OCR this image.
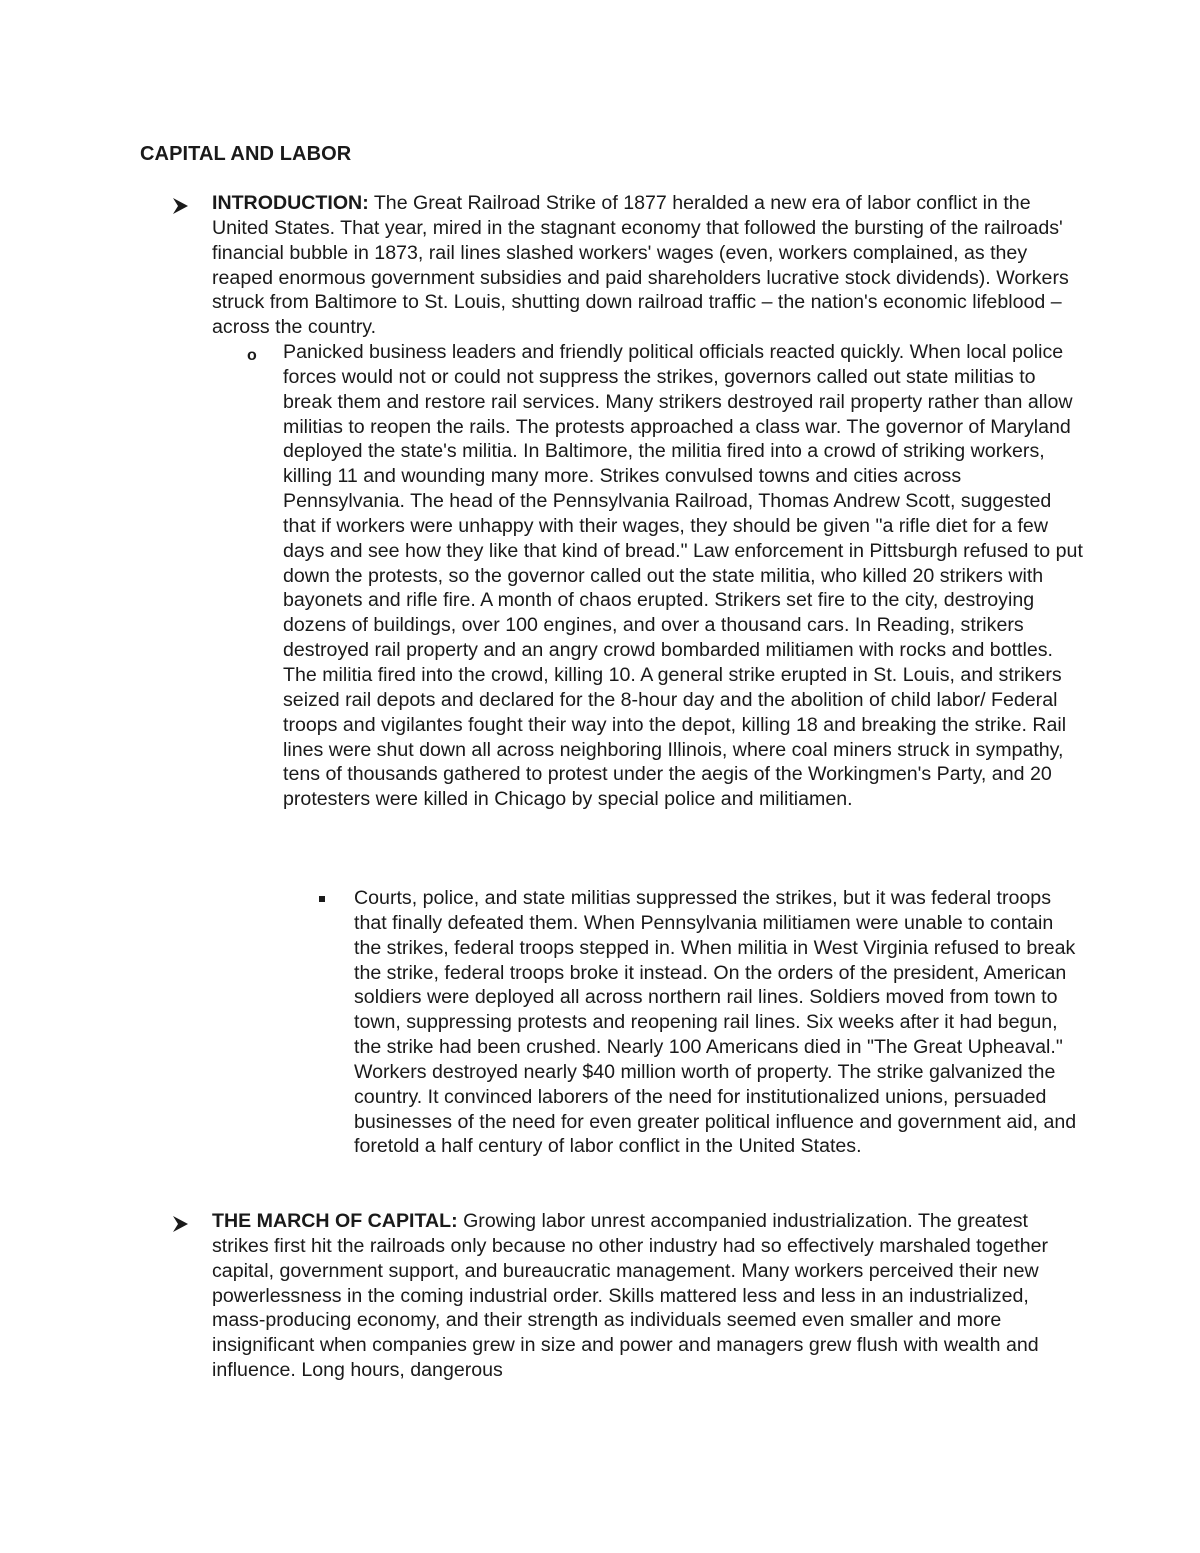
CAPITAL AND LABOR

INTRODUCTION: The Great Railroad Strike of 1877 heralded a new era of labor conflict in the United States. That year, mired in the stagnant economy that followed the bursting of the railroads' financial bubble in 1873, rail lines slashed workers' wages (even, workers complained, as they reaped enormous government subsidies and paid shareholders lucrative stock dividends). Workers struck from Baltimore to St. Louis, shutting down railroad traffic – the nation's economic lifeblood – across the country.

o Panicked business leaders and friendly political officials reacted quickly. When local police forces would not or could not suppress the strikes, governors called out state militias to break them and restore rail services. Many strikers destroyed rail property rather than allow militias to reopen the rails. The protests approached a class war. The governor of Maryland deployed the state's militia. In Baltimore, the militia fired into a crowd of striking workers, killing 11 and wounding many more. Strikes convulsed towns and cities across Pennsylvania. The head of the Pennsylvania Railroad, Thomas Andrew Scott, suggested that if workers were unhappy with their wages, they should be given "a rifle diet for a few days and see how they like that kind of bread." Law enforcement in Pittsburgh refused to put down the protests, so the governor called out the state militia, who killed 20 strikers with bayonets and rifle fire. A month of chaos erupted. Strikers set fire to the city, destroying dozens of buildings, over 100 engines, and over a thousand cars. In Reading, strikers destroyed rail property and an angry crowd bombarded militiamen with rocks and bottles. The militia fired into the crowd, killing 10. A general strike erupted in St. Louis, and strikers seized rail depots and declared for the 8-hour day and the abolition of child labor/ Federal troops and vigilantes fought their way into the depot, killing 18 and breaking the strike. Rail lines were shut down all across neighboring Illinois, where coal miners struck in sympathy, tens of thousands gathered to protest under the aegis of the Workingmen's Party, and 20 protesters were killed in Chicago by special police and militiamen.

Courts, police, and state militias suppressed the strikes, but it was federal troops that finally defeated them. When Pennsylvania militiamen were unable to contain the strikes, federal troops stepped in. When militia in West Virginia refused to break the strike, federal troops broke it instead. On the orders of the president, American soldiers were deployed all across northern rail lines. Soldiers moved from town to town, suppressing protests and reopening rail lines. Six weeks after it had begun, the strike had been crushed. Nearly 100 Americans died in "The Great Upheaval." Workers destroyed nearly $40 million worth of property. The strike galvanized the country. It convinced laborers of the need for institutionalized unions, persuaded businesses of the need for even greater political influence and government aid, and foretold a half century of labor conflict in the United States.

THE MARCH OF CAPITAL: Growing labor unrest accompanied industrialization. The greatest strikes first hit the railroads only because no other industry had so effectively marshaled together capital, government support, and bureaucratic management. Many workers perceived their new powerlessness in the coming industrial order. Skills mattered less and less in an industrialized, mass-producing economy, and their strength as individuals seemed even smaller and more insignificant when companies grew in size and power and managers grew flush with wealth and influence. Long hours, dangerous
